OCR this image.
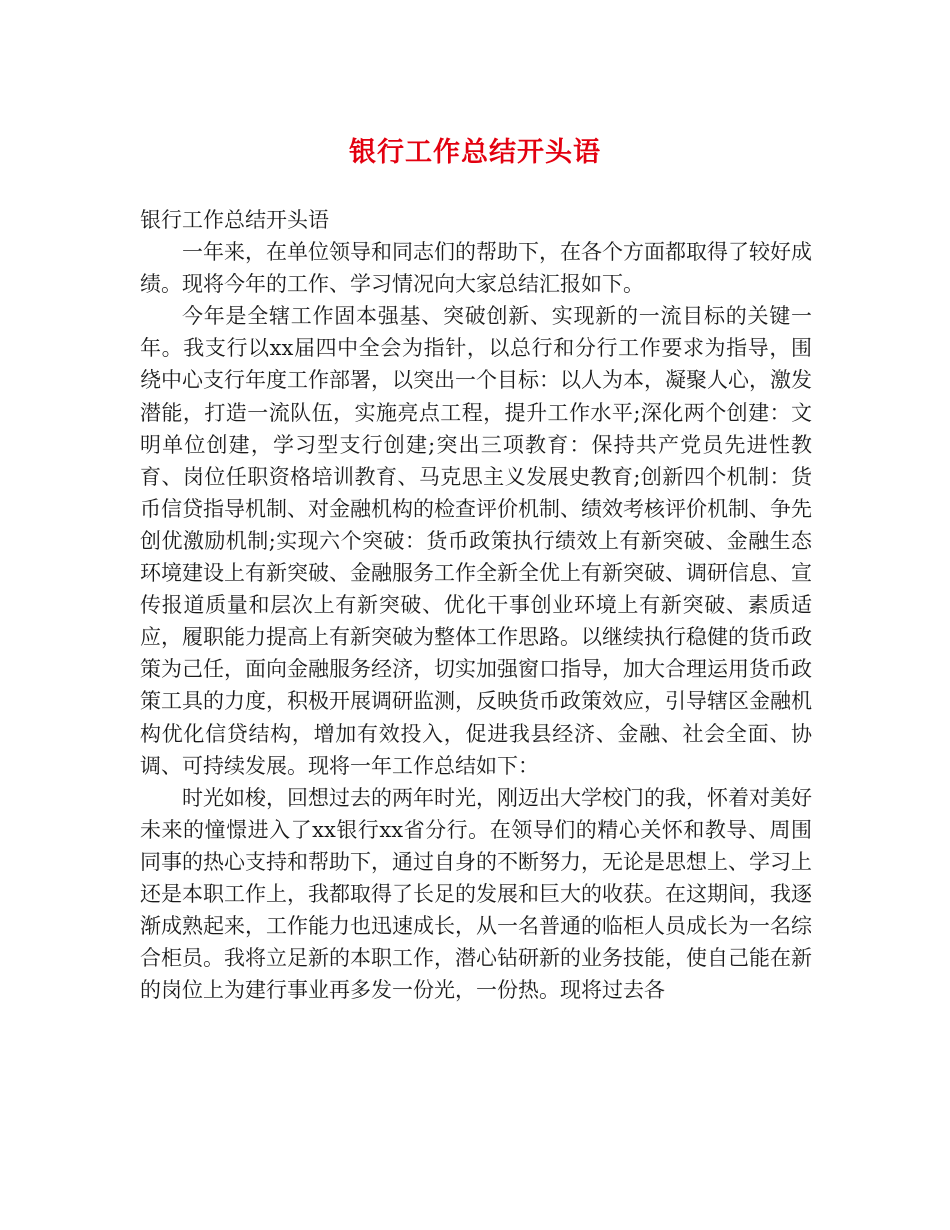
银行工作总结开头语

银行工作总结开头语

一年来，在单位领导和同志们的帮助下，在各个方面都取得了较好成绩。现将今年的工作、学习情况向大家总结汇报如下。

今年是全辖工作固本强基、突破创新、实现新的一流目标的关键一年。我支行以xx届四中全会为指针，以总行和分行工作要求为指导，围绕中心支行年度工作部署，以突出一个目标：以人为本，凝聚人心，激发潜能，打造一流队伍，实施亮点工程，提升工作水平;深化两个创建：文明单位创建，学习型支行创建;突出三项教育：保持共产党员先进性教育、岗位任职资格培训教育、马克思主义发展史教育;创新四个机制：货币信贷指导机制、对金融机构的检查评价机制、绩效考核评价机制、争先创优激励机制;实现六个突破：货币政策执行绩效上有新突破、金融生态环境建设上有新突破、金融服务工作全新全优上有新突破、调研信息、宣传报道质量和层次上有新突破、优化干事创业环境上有新突破、素质适应，履职能力提高上有新突破为整体工作思路。以继续执行稳健的货币政策为己任，面向金融服务经济，切实加强窗口指导，加大合理运用货币政策工具的力度，积极开展调研监测，反映货币政策效应，引导辖区金融机构优化信贷结构，增加有效投入，促进我县经济、金融、社会全面、协调、可持续发展。现将一年工作总结如下：

时光如梭，回想过去的两年时光，刚迈出大学校门的我，怀着对美好未来的憧憬进入了xx银行xx省分行。在领导们的精心关怀和教导、周围同事的热心支持和帮助下，通过自身的不断努力，无论是思想上、学习上还是本职工作上，我都取得了长足的发展和巨大的收获。在这期间，我逐渐成熟起来，工作能力也迅速成长，从一名普通的临柜人员成长为一名综合柜员。我将立足新的本职工作，潜心钻研新的业务技能，使自己能在新的岗位上为建行事业再多发一份光，一份热。现将过去各
